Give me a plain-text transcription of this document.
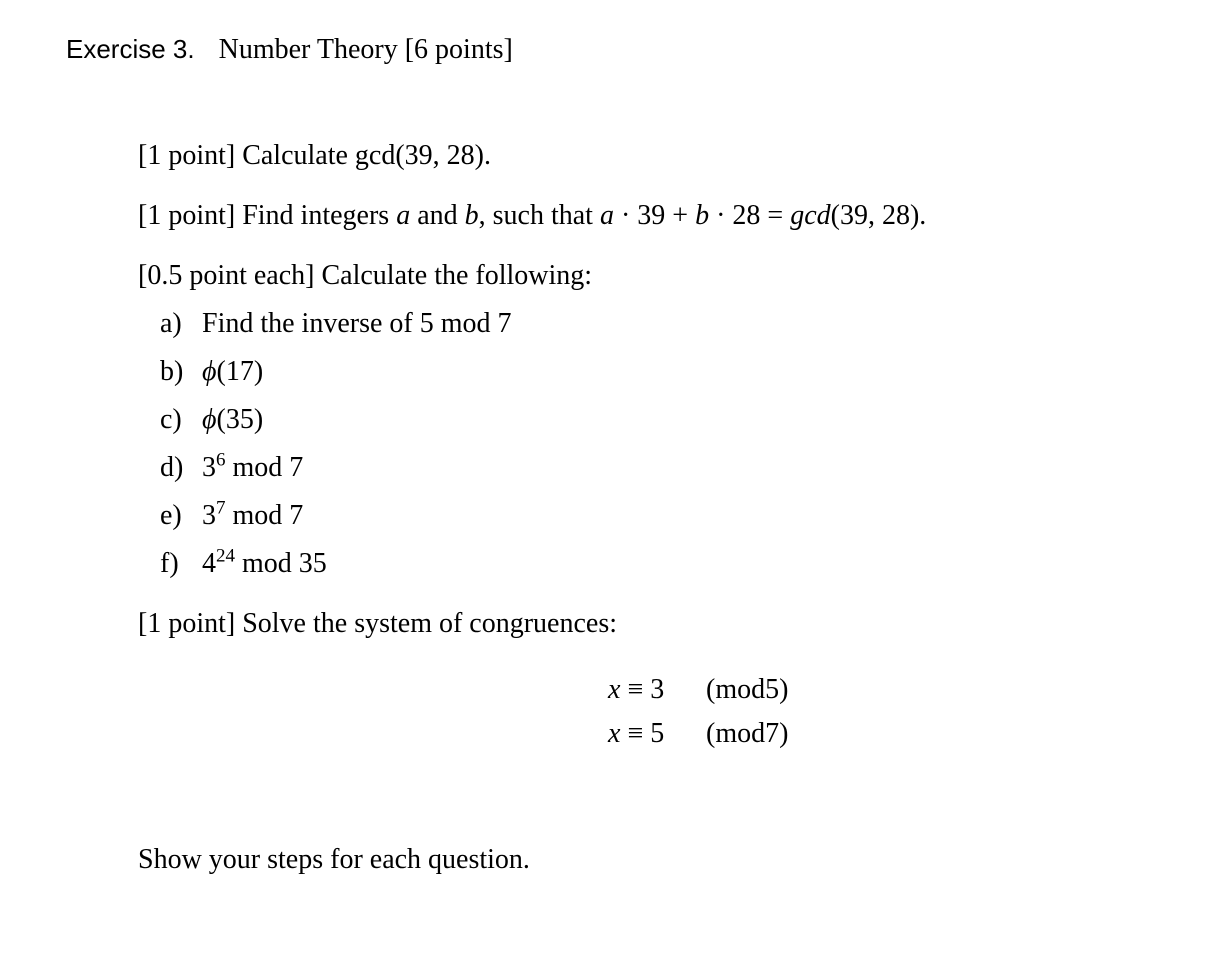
Exercise 3. Number Theory [6 points]
[1 point] Calculate gcd(39, 28).
[1 point] Find integers a and b, such that a · 39 + b · 28 = gcd(39, 28).
[0.5 point each] Calculate the following:
a) Find the inverse of 5 mod 7
b) ϕ(17)
c) ϕ(35)
d) $3^6$ mod 7
e) $3^7$ mod 7
f) $4^{24}$ mod 35
[1 point] Solve the system of congruences:
x ≡ 3 (mod5)
x ≡ 5 (mod7)
Show your steps for each question.
